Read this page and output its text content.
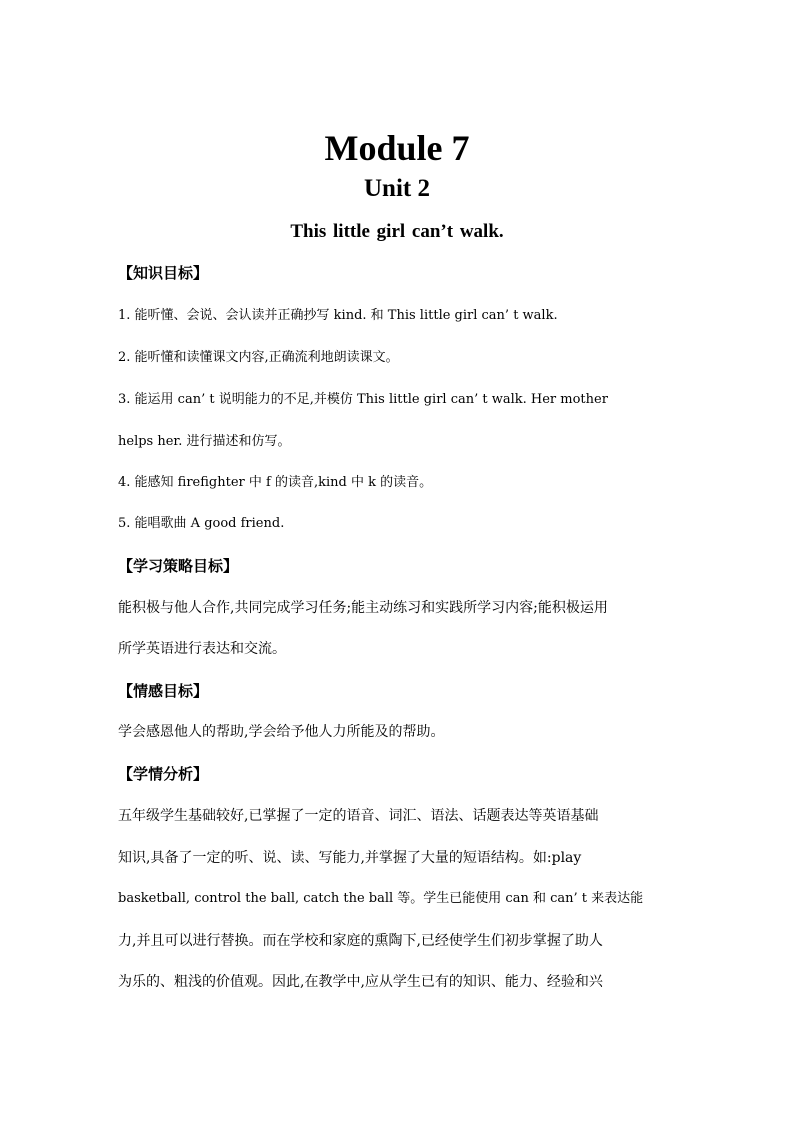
Module 7
Unit 2
This little girl can’t walk.

【知识目标】

1. 能听懂、会说、会认读并正确抄写 kind. 和 This little girl can’ t walk.

2. 能听懂和读懂课文内容,正确流利地朗读课文。

3. 能运用 can’ t 说明能力的不足,并模仿 This little girl can’ t walk. Her mother

helps her. 进行描述和仿写。

4. 能感知 firefighter 中 f 的读音,kind 中 k 的读音。

5. 能唱歌曲 A good friend.

【学习策略目标】

能积极与他人合作,共同完成学习任务;能主动练习和实践所学习内容;能积极运用

所学英语进行表达和交流。

【情感目标】

学会感恩他人的帮助,学会给予他人力所能及的帮助。

【学情分析】

五年级学生基础较好,已掌握了一定的语音、词汇、语法、话题表达等英语基础

知识,具备了一定的听、说、读、写能力,并掌握了大量的短语结构。如:play

basketball, control the ball, catch the ball 等。学生已能使用 can 和 can’ t 来表达能

力,并且可以进行替换。而在学校和家庭的熏陶下,已经使学生们初步掌握了助人

为乐的、粗浅的价值观。因此,在教学中,应从学生已有的知识、能力、经验和兴
